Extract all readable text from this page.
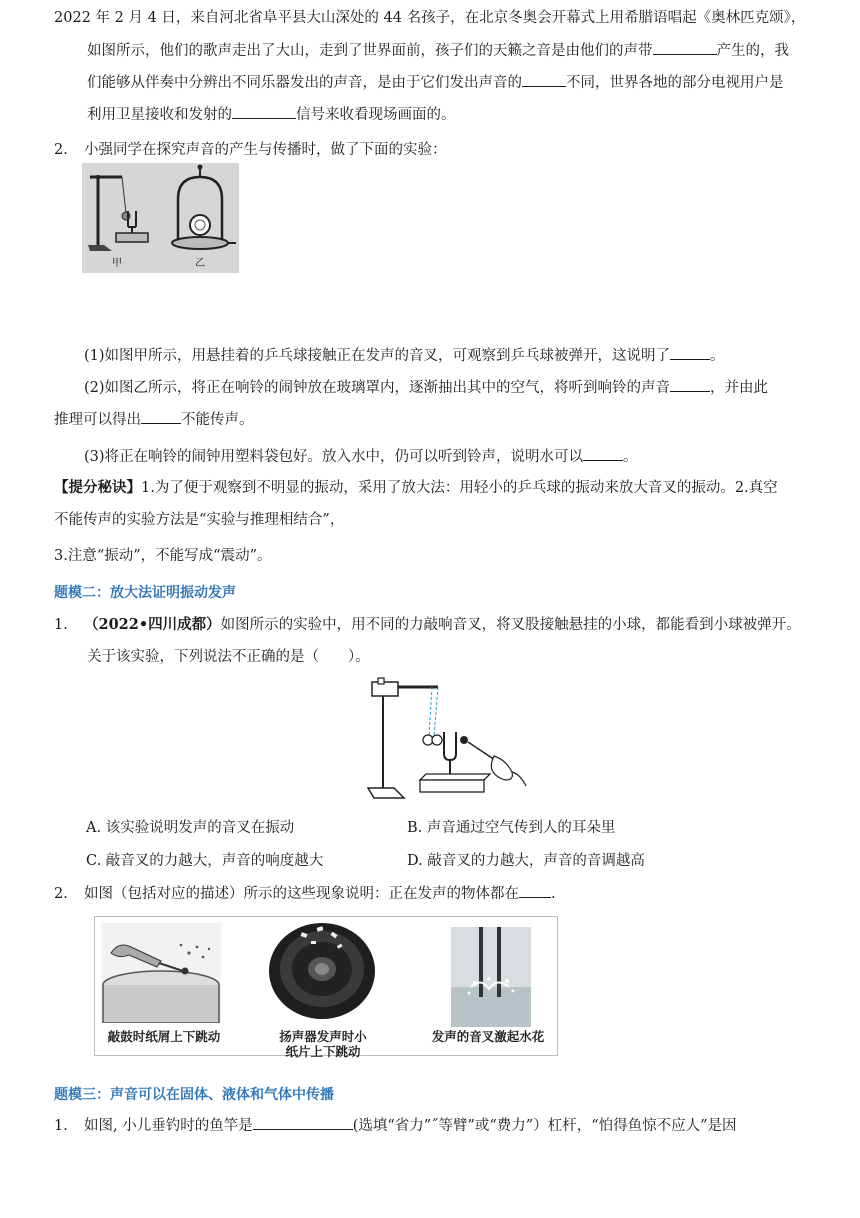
2022 年 2 月 4 日，来自河北省阜平县大山深处的 44 名孩子，在北京冬奥会开幕式上用希腊语唱起《奥林匹克颂》，
如图所示，他们的歌声走出了大山，走到了世界面前，孩子们的天籁之音是由他们的声带	产生的，我
们能够从伴奏中分辨出不同乐器发出的声音，是由于它们发出声音的	不同，世界各地的部分电视用户是
利用卫星接收和发射的	信号来收看现场画面的。
2. 小强同学在探究声音的产生与传播时，做了下面的实验：
甲	乙
(1)如图甲所示，用悬挂着的乒乓球接触正在发声的音叉，可观察到乒乓球被弹开，这说明了	。
(2)如图乙所示，将正在响铃的闹钟放在玻璃罩内，逐渐抽出其中的空气，将听到响铃的声音	，并由此
推理可以得出	不能传声。
(3)将正在响铃的闹钟用塑料袋包好。放入水中，仍可以听到铃声，说明水可以	。
【提分秘诀】1.为了便于观察到不明显的振动，采用了放大法：用轻小的乒乓球的振动来放大音叉的振动。2.真空
不能传声的实验方法是“实验与推理相结合”，
3.注意“振动”，不能写成“震动”。
题模二：放大法证明振动发声
1. （2022•四川成都）如图所示的实验中，用不同的力敲响音叉，将叉股接触悬挂的小球，都能看到小球被弹开。
关于该实验，下列说法不正确的是（　　）。
A. 该实验说明发声的音叉在振动	B. 声音通过空气传到人的耳朵里
C. 敲音叉的力越大，声音的响度越大	D. 敲音叉的力越大，声音的音调越高
2. 如图（包括对应的描述）所示的这些现象说明：正在发声的物体都在 .
敲鼓时纸屑上下跳动	扬声器发声时小
纸片上下跳动
发声的音叉激起水花
题模三：声音可以在固体、液体和气体中传播
1. 如图, 小儿垂钓时的鱼竿是	(选填“省力”˝等臂”或“费力”）杠杆，“怕得鱼惊不应人”是因
